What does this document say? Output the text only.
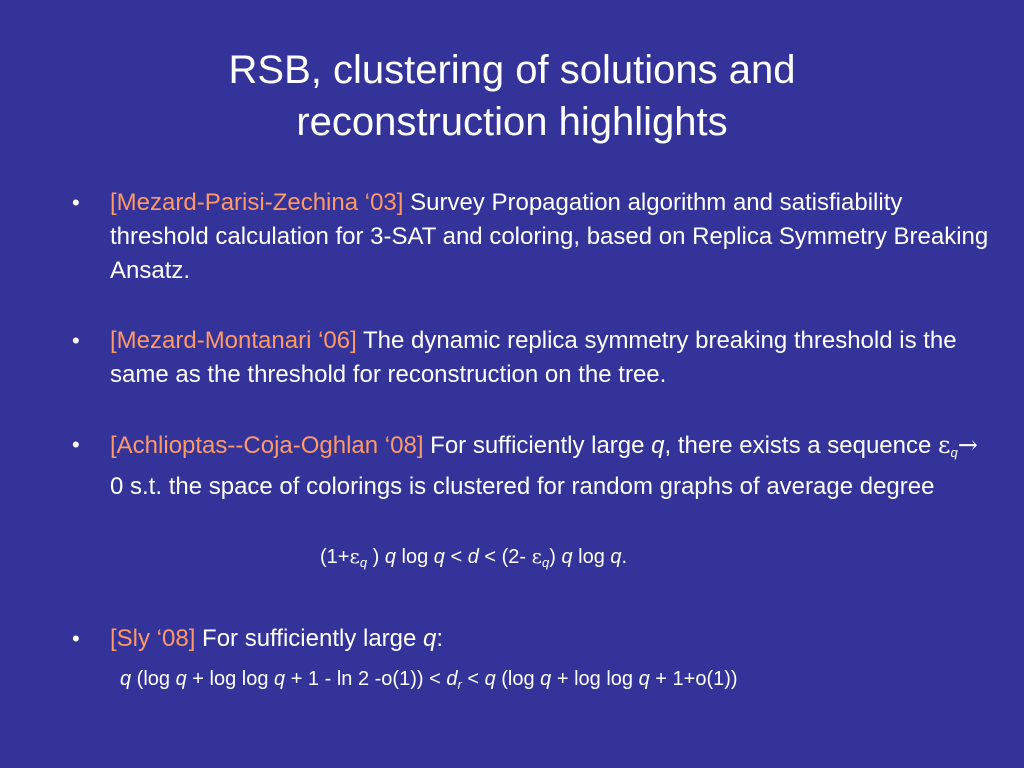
RSB, clustering of solutions and
reconstruction highlights
• [Mezard-Parisi-Zechina ‘03] Survey Propagation algorithm and satisfiability threshold calculation for 3-SAT and coloring, based on Replica Symmetry Breaking Ansatz.
• [Mezard-Montanari ‘06] The dynamic replica symmetry breaking threshold is the same as the threshold for reconstruction on the tree.
• [Achlioptas--Coja-Oghlan ‘08] For sufficiently large q, there exists a sequence $\varepsilon_q\to 0$ s.t. the space of colorings is clustered for random graphs of average degree
($1+\varepsilon_q$ ) q log q < d < (2- $\varepsilon_q$) q log q.
• [Sly ‘08] For sufficiently large q:
q (log q + log log q + 1 - ln 2 $-o(1)) < d_r < q$ (log q + log log q + 1+o(1))
